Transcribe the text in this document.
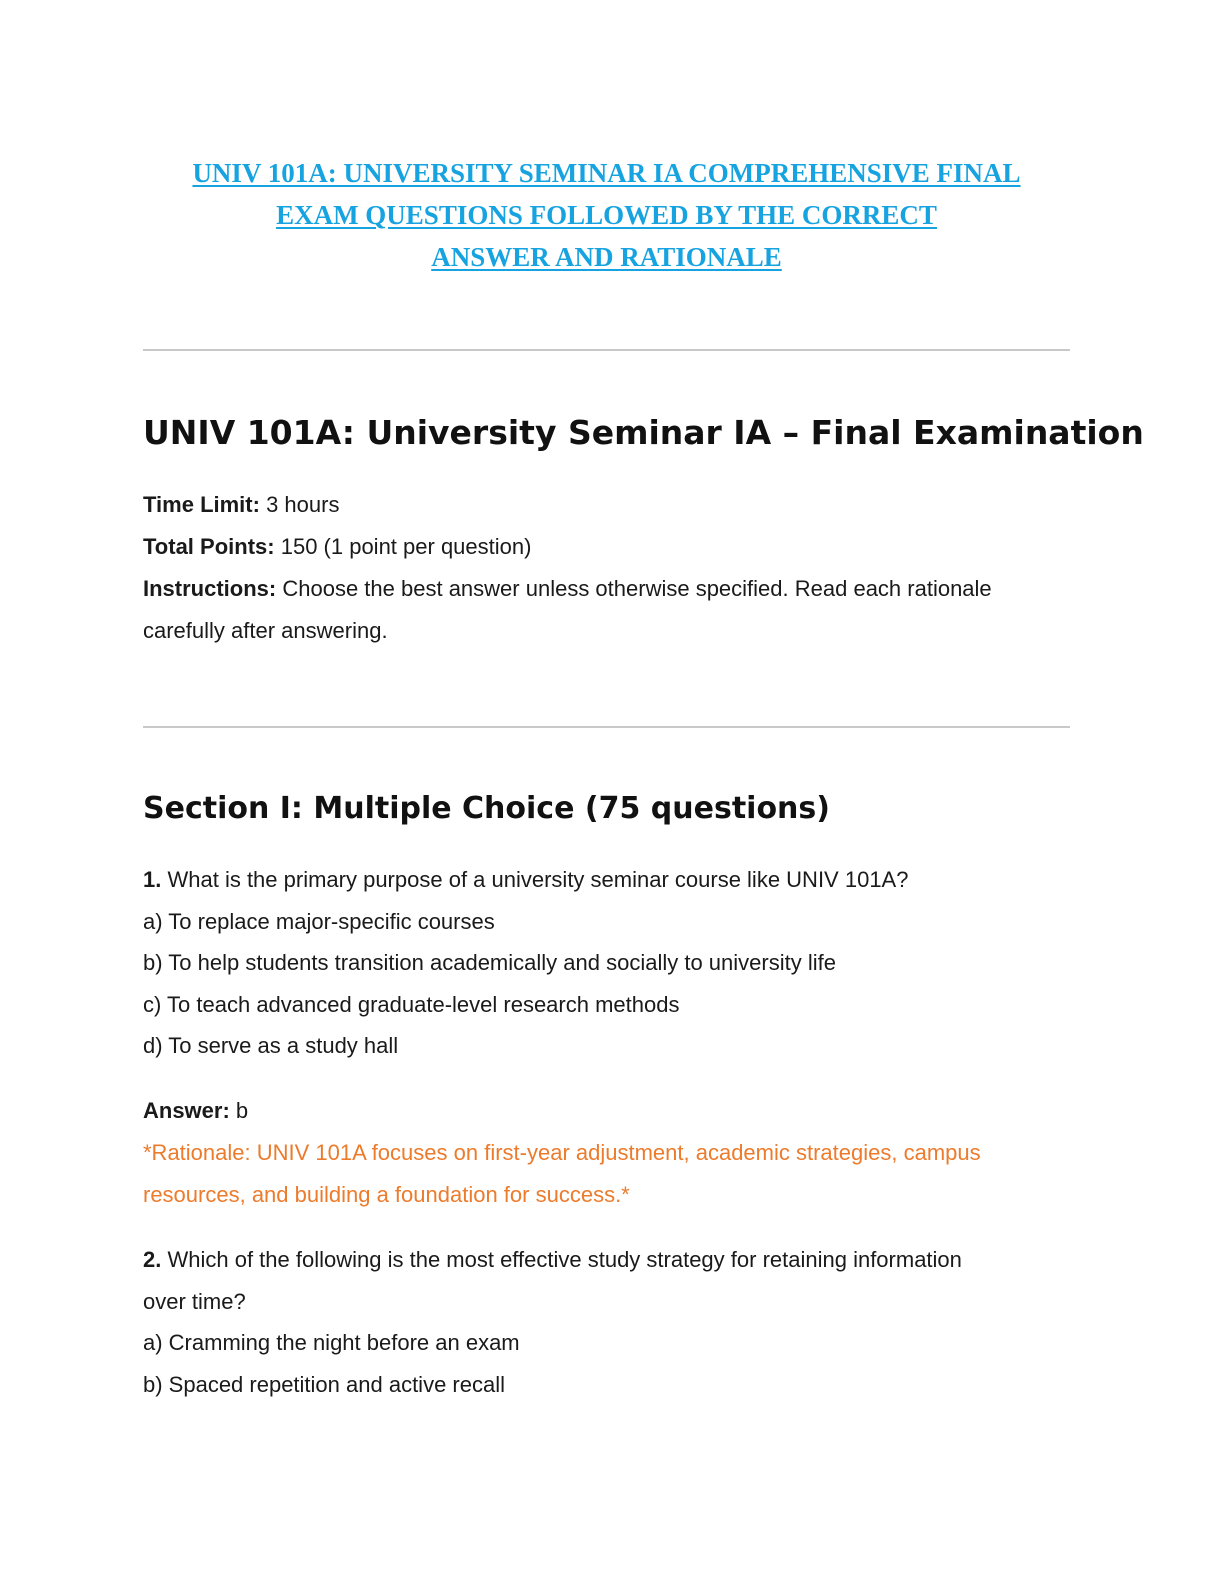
UNIV 101A: UNIVERSITY SEMINAR IA COMPREHENSIVE FINAL
EXAM QUESTIONS FOLLOWED BY THE CORRECT
ANSWER AND RATIONALE
UNIV 101A: University Seminar IA – Final Examination

Time Limit: 3 hours

Total Points: 150 (1 point per question)

Instructions: Choose the best answer unless otherwise specified. Read each rationale

carefully after answering.

Section I: Multiple Choice (75 questions)

1. What is the primary purpose of a university seminar course like UNIV 101A?

a) To replace major-specific courses

b) To help students transition academically and socially to university life

c) To teach advanced graduate-level research methods

d) To serve as a study hall

Answer: b

*Rationale: UNIV 101A focuses on first-year adjustment, academic strategies, campus

resources, and building a foundation for success.*

2. Which of the following is the most effective study strategy for retaining information

over time?

a) Cramming the night before an exam

b) Spaced repetition and active recall
